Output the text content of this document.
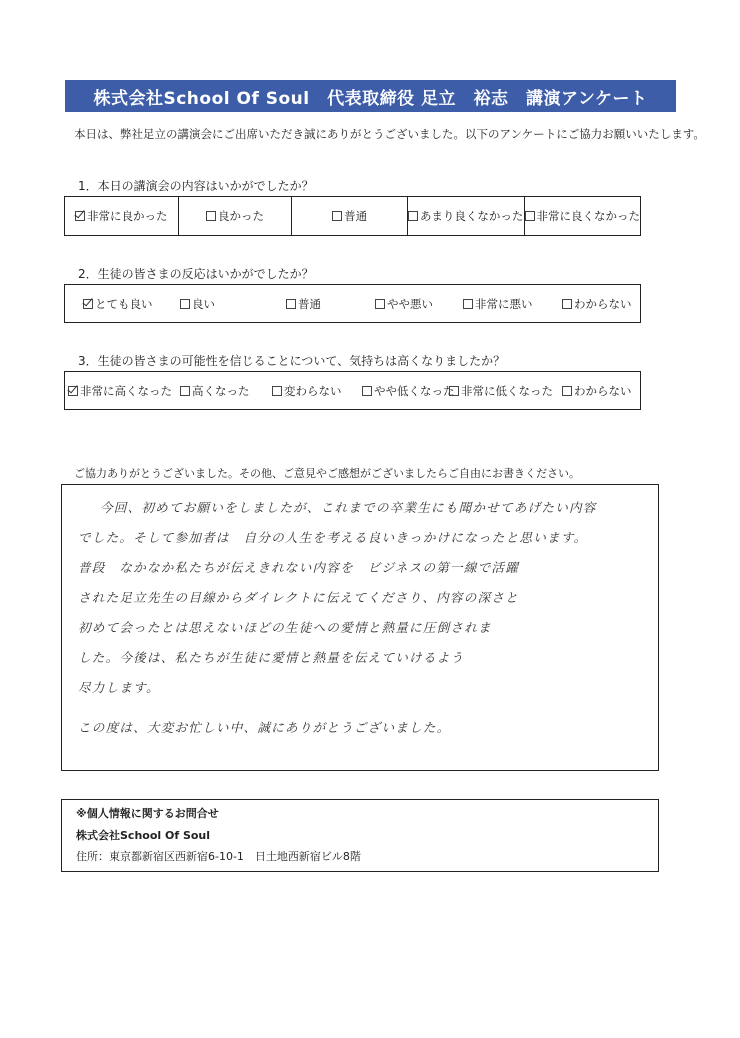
株式会社School Of Soul　代表取締役 足立　裕志　講演アンケート
本日は、弊社足立の講演会にご出席いただき誠にありがとうございました。以下のアンケートにご協力お願いいたします。
1．本日の講演会の内容はいかがでしたか？
非常に良かった	良かった	普通	あまり良くなかった 非常に良くなかった
2．生徒の皆さまの反応はいかがでしたか？
とても良い	良い	普通	やや悪い	非常に悪い	わからない
3．生徒の皆さまの可能性を信じることについて、気持ちは高くなりましたか？
非常に高くなった 高くなった	変わらない	やや低くなった 非常に低くなった わからない
ご協力ありがとうございました。その他、ご意見やご感想がございましたらご自由にお書きください。
今回、初めてお願いをしましたが、これまでの卒業生にも聞かせてあげたい内容
でした。そして参加者は　自分の人生を考える良いきっかけになったと思います。
普段　なかなか私たちが伝えきれない内容を　ビジネスの第一線で活躍
された足立先生の目線からダイレクトに伝えてくださり、内容の深さと
初めて会ったとは思えないほどの生徒への愛情と熱量に圧倒されま
した。今後は、私たちが生徒に愛情と熱量を伝えていけるよう
尽力します。
この度は、大変お忙しい中、誠にありがとうございました。
※個人情報に関するお問合せ
株式会社School Of Soul
住所：東京都新宿区西新宿6-10-1　日土地西新宿ビル8階
